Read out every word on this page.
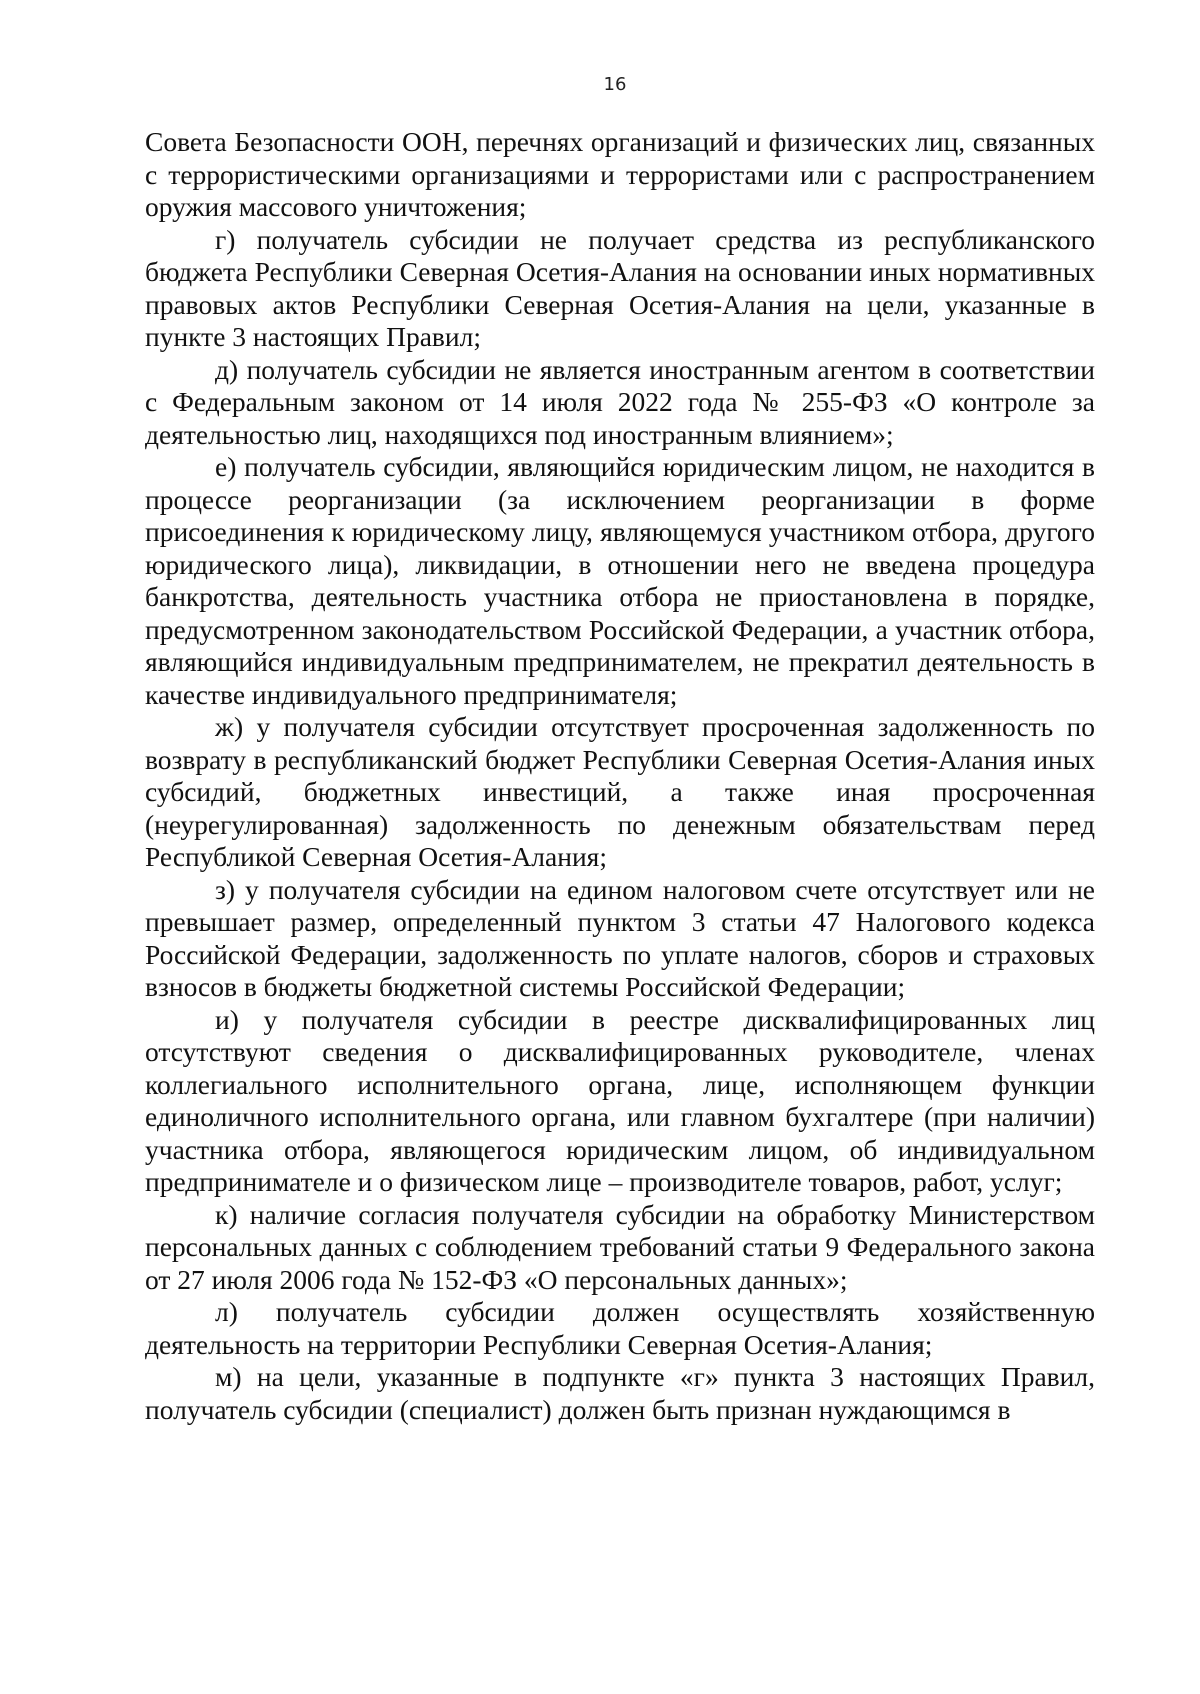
16

Совета Безопасности ООН, перечнях организаций и физических лиц, связанных с террористическими организациями и террористами или с распространением оружия массового уничтожения;

г) получатель субсидии не получает средства из республиканского бюджета Республики Северная Осетия-Алания на основании иных нормативных правовых актов Республики Северная Осетия-Алания на цели, указанные в пункте 3 настоящих Правил;

д) получатель субсидии не является иностранным агентом в соответствии с Федеральным законом от 14 июля 2022 года № 255-ФЗ «О контроле за деятельностью лиц, находящихся под иностранным влиянием»;

е) получатель субсидии, являющийся юридическим лицом, не находится в процессе реорганизации (за исключением реорганизации в форме присоединения к юридическому лицу, являющемуся участником отбора, другого юридического лица), ликвидации, в отношении него не введена процедура банкротства, деятельность участника отбора не приостановлена в порядке, предусмотренном законодательством Российской Федерации, а участник отбора, являющийся индивидуальным предпринимателем, не прекратил деятельность в качестве индивидуального предпринимателя;

ж) у получателя субсидии отсутствует просроченная задолженность по возврату в республиканский бюджет Республики Северная Осетия-Алания иных субсидий, бюджетных инвестиций, а также иная просроченная (неурегулированная) задолженность по денежным обязательствам перед Республикой Северная Осетия-Алания;

з) у получателя субсидии на едином налоговом счете отсутствует или не превышает размер, определенный пунктом 3 статьи 47 Налогового кодекса Российской Федерации, задолженность по уплате налогов, сборов и страховых взносов в бюджеты бюджетной системы Российской Федерации;

и) у получателя субсидии в реестре дисквалифицированных лиц отсутствуют сведения о дисквалифицированных руководителе, членах коллегиального исполнительного органа, лице, исполняющем функции единоличного исполнительного органа, или главном бухгалтере (при наличии) участника отбора, являющегося юридическим лицом, об индивидуальном предпринимателе и о физическом лице – производителе товаров, работ, услуг;

к) наличие согласия получателя субсидии на обработку Министерством персональных данных с соблюдением требований статьи 9 Федерального закона от 27 июля 2006 года № 152-ФЗ «О персональных данных»;

л) получатель субсидии должен осуществлять хозяйственную деятельность на территории Республики Северная Осетия-Алания;

м) на цели, указанные в подпункте «г» пункта 3 настоящих Правил, получатель субсидии (специалист) должен быть признан нуждающимся в
